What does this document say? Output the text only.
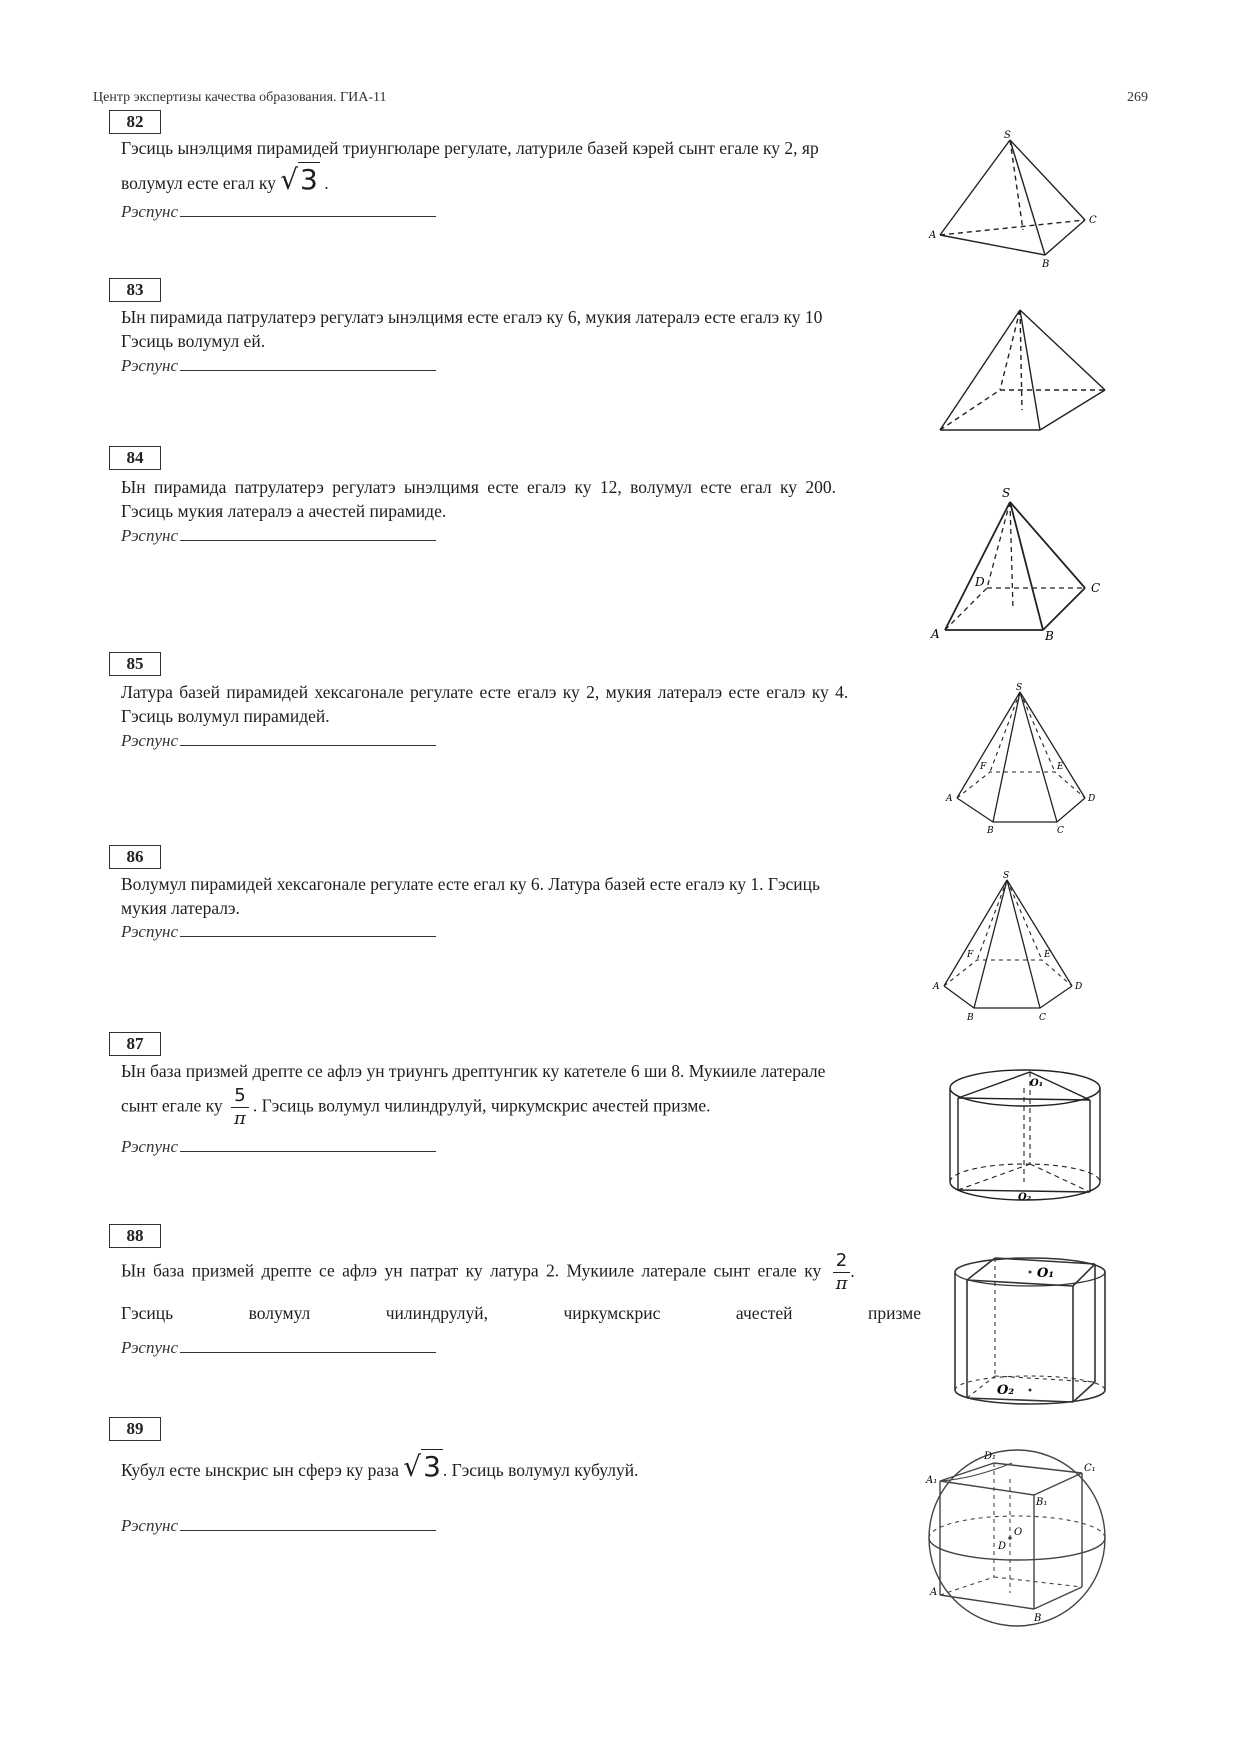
Центр экспертизы качества образования. ГИА-11	269
82
Гэсиць ынэлцимя пирамидей триунгюларе регулате, латуриле базей кэрей сынт егале ку 2, яр
волумул есте егал ку √3 .
Рэспунс
83
Ын пирамида патрулатерэ регулатэ ынэлцимя есте егалэ ку 6, мукия латералэ есте егалэ ку 10
Гэсиць волумул ей.
Рэспунс
84
Ын пирамида патрулатерэ регулатэ ынэлцимя есте егалэ ку 12, волумул есте егал ку 200.
Гэсиць мукия латералэ а ачестей пирамиде.
Рэспунс
85
Латура базей пирамидей хексагонале регулате есте егалэ ку 2, мукия латералэ есте егалэ ку 4.
Гэсиць волумул пирамидей.
Рэспунс
86
Волумул пирамидей хексагонале регулате есте егал ку 6. Латура базей есте егалэ ку 1. Гэсиць
мукия латералэ.
Рэспунс
87
Ын база призмей дрепте се афлэ ун триунгь дрептунгик ку катетеле 6 ши 8. Мукииле латерале
сынт егале ку $\frac{5}{\pi}$ . Гэсиць волумул чилиндрулуй, чиркумскрис ачестей призме.
Рэспунс
88
Ын база призмей дрепте се афлэ ун патрат ку латура 2. Мукииле латерале сынт егале ку $\frac{2}{\pi}$ .
Гэсиць	волумул	чилиндрулуй,	чиркумскрис	ачестей	призме
Рэспунс
89
Кубул есте ынскрис ын сферэ ку раза √3 . Гэсиць волумул кубулуй.
Рэспунс
S
A
B
C
S
A	B
C
D
S
A
B	C
D
E
F
S
A
B	C
D
E
F
O₁
O₂
O₁
O₂
D₁
C₁
A₁
B₁
O
D
A
B
